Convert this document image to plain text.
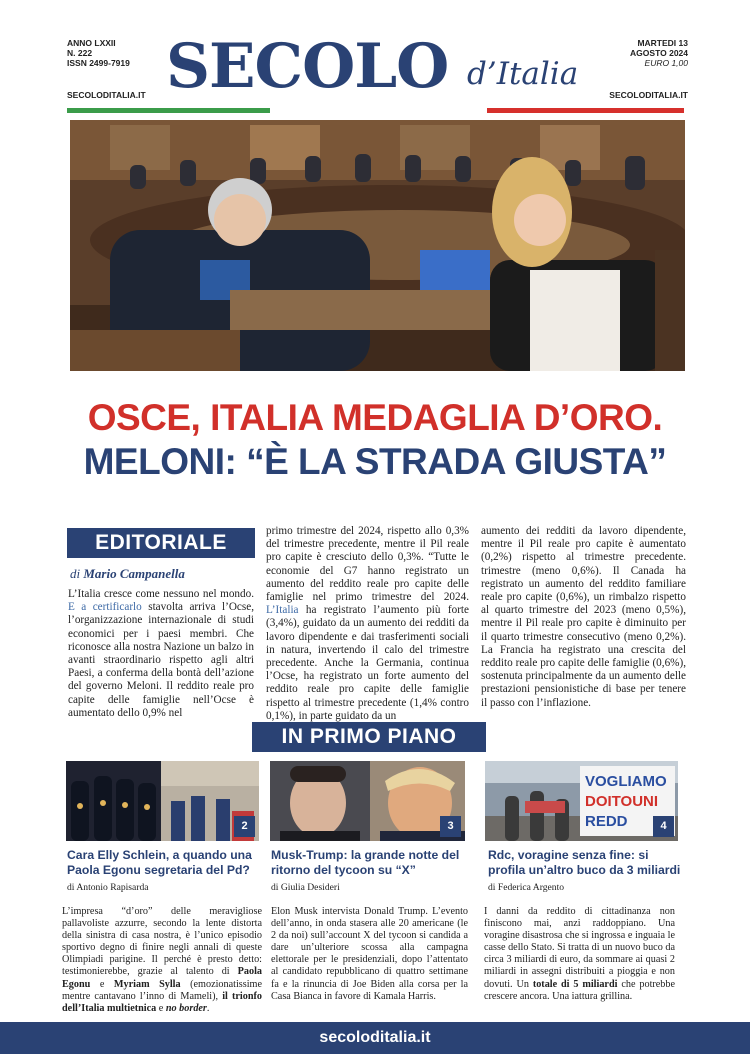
ANNO LXXII
N. 222
ISSN 2499-7919
SECOLODITALIA.IT SECOLO d’Italia
MARTEDI 13
AGOSTO 2024
EURO 1,00
SECOLODITALIA.IT
OSCE, ITALIA MEDAGLIA D’ORO.
MELONI: “È LA STRADA GIUSTA”
EDITORIALE
di Mario Campanella
L’Italia cresce come nessuno nel mondo. E a certificarlo stavolta arriva l’Ocse, l’organizzazione internazionale di studi economici per i paesi membri. Che riconosce alla nostra Nazione un balzo in avanti straordinario rispetto agli altri Paesi, a conferma della bontà dell’azione del governo Meloni. Il reddito reale pro capite delle famiglie nell’Ocse è aumentato dello 0,9% nel
primo trimestre del 2024, rispetto allo 0,3% del trimestre precedente, mentre il Pil reale pro capite è cresciuto dello 0,3%. “Tutte le economie del G7 hanno registrato un aumento del reddito reale pro capite delle famiglie nel primo trimestre del 2024. L’Italia ha registrato l’aumento più forte (3,4%), guidato da un aumento dei redditi da lavoro dipendente e dai trasferimenti sociali in natura, invertendo il calo del trimestre precedente. Anche la Germania, continua l’Ocse, ha registrato un forte aumento del reddito reale pro capite delle famiglie rispetto al trimestre precedente (1,4% contro 0,1%), in parte guidato da un
aumento dei redditi da lavoro dipendente, mentre il Pil reale pro capite è aumentato (0,2%) rispetto al trimestre precedente. trimestre (meno 0,6%). Il Canada ha registrato un aumento del reddito familiare reale pro capite (0,6%), un rimbalzo rispetto al quarto trimestre del 2023 (meno 0,5%), mentre il Pil reale pro capite è diminuito per il quarto trimestre consecutivo (meno 0,2%). La Francia ha registrato una crescita del reddito reale pro capite delle famiglie (0,6%), sostenuta principalmente da un aumento delle prestazioni pensionistiche di base per tenere il passo con l’inflazione.
IN PRIMO PIANO
2	3
VOGLIAMO
DOITOUNI
REDD	4
Cara Elly Schlein, a quando una Paola Egonu segretaria del Pd?
Musk-Trump: la grande notte del ritorno del tycoon su “X”
Rdc, voragine senza fine: si profila un’altro buco da 3 miliardi
di Antonio Rapisarda	di Giulia Desideri	di Federica Argento
L’impresa “d’oro” delle meravigliose pallavoliste azzurre, secondo la lente distorta della sinistra di casa nostra, è l’unico episodio sportivo degno di finire negli annali di queste Olimpiadi parigine. Il perché è presto detto: testimonierebbe, grazie al talento di Paola Egonu e Myriam Sylla (emozionatissime mentre cantavano l’inno di Mameli), il trionfo dell’Italia multietnica e no border.
Elon Musk intervista Donald Trump. L’evento dell’anno, in onda stasera alle 20 americane (le 2 da noi) sull’account X del tycoon si candida a dare un’ulteriore scossa alla campagna elettorale per le presidenziali, dopo l’attentato al candidato repubblicano di quattro settimane fa e la rinuncia di Joe Biden alla corsa per la Casa Bianca in favore di Kamala Harris.
I danni da reddito di cittadinanza non finiscono mai, anzi raddoppiano. Una voragine disastrosa che si ingrossa e inguaia le casse dello Stato. Si tratta di un nuovo buco da circa 3 miliardi di euro, da sommare ai quasi 2 miliardi in assegni distribuiti a pioggia e non dovuti. Un totale di 5 miliardi che potrebbe crescere ancora. Una iattura grillina.
secoloditalia.it
